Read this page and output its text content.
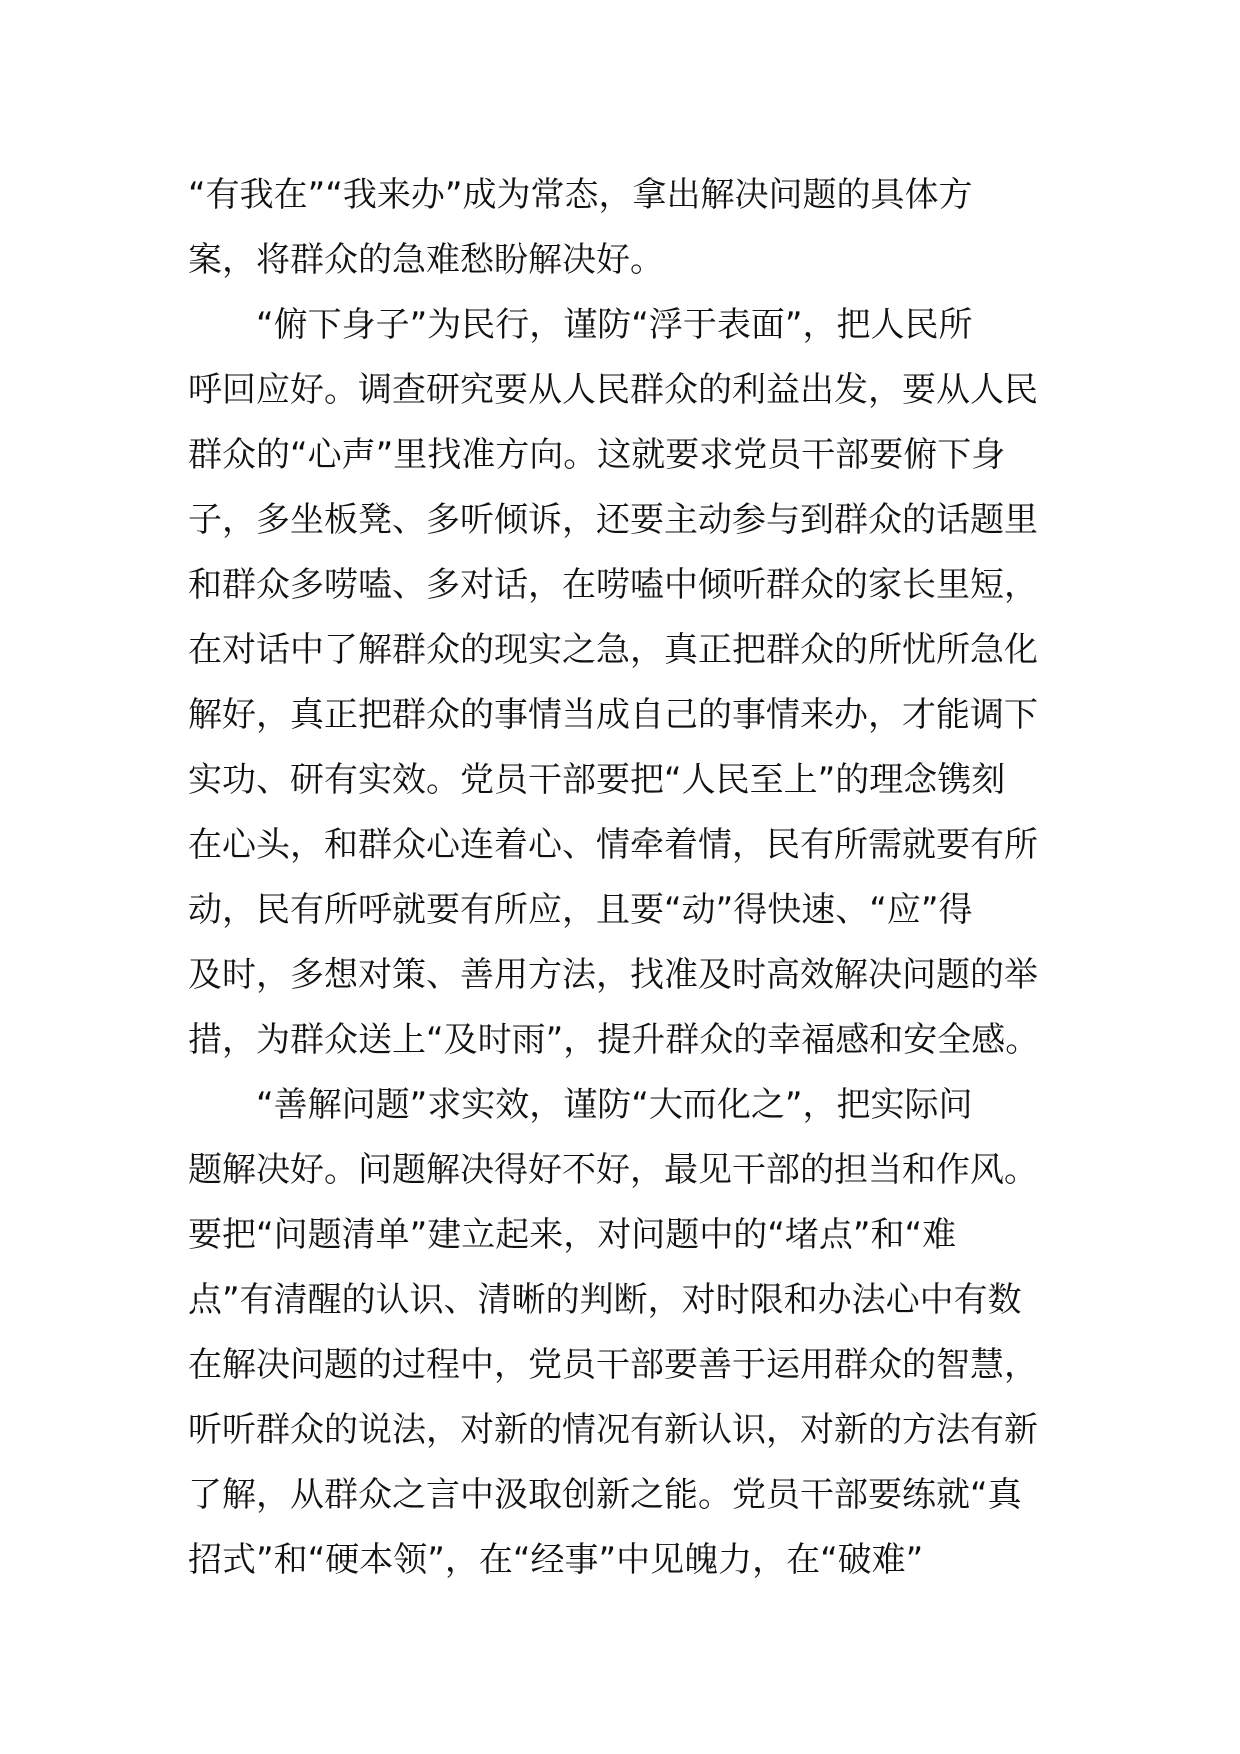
“有我在”“我来办”成为常态，拿出解决问题的具体方
案，将群众的急难愁盼解决好。
　　“俯下身子”为民行，谨防“浮于表面”，把人民所
呼回应好。调查研究要从人民群众的利益出发，要从人民
群众的“心声”里找准方向。这就要求党员干部要俯下身
子，多坐板凳、多听倾诉，还要主动参与到群众的话题里
和群众多唠嗑、多对话，在唠嗑中倾听群众的家长里短，
在对话中了解群众的现实之急，真正把群众的所忧所急化
解好，真正把群众的事情当成自己的事情来办，才能调下
实功、研有实效。党员干部要把“人民至上”的理念镌刻
在心头，和群众心连着心、情牵着情，民有所需就要有所
动，民有所呼就要有所应，且要“动”得快速、“应”得
及时，多想对策、善用方法，找准及时高效解决问题的举
措，为群众送上“及时雨”，提升群众的幸福感和安全感。
　　“善解问题”求实效，谨防“大而化之”，把实际问
题解决好。问题解决得好不好，最见干部的担当和作风。
要把“问题清单”建立起来，对问题中的“堵点”和“难
点”有清醒的认识、清晰的判断，对时限和办法心中有数
在解决问题的过程中，党员干部要善于运用群众的智慧，
听听群众的说法，对新的情况有新认识，对新的方法有新
了解，从群众之言中汲取创新之能。党员干部要练就“真
招式”和“硬本领”，在“经事”中见魄力，在“破难”
